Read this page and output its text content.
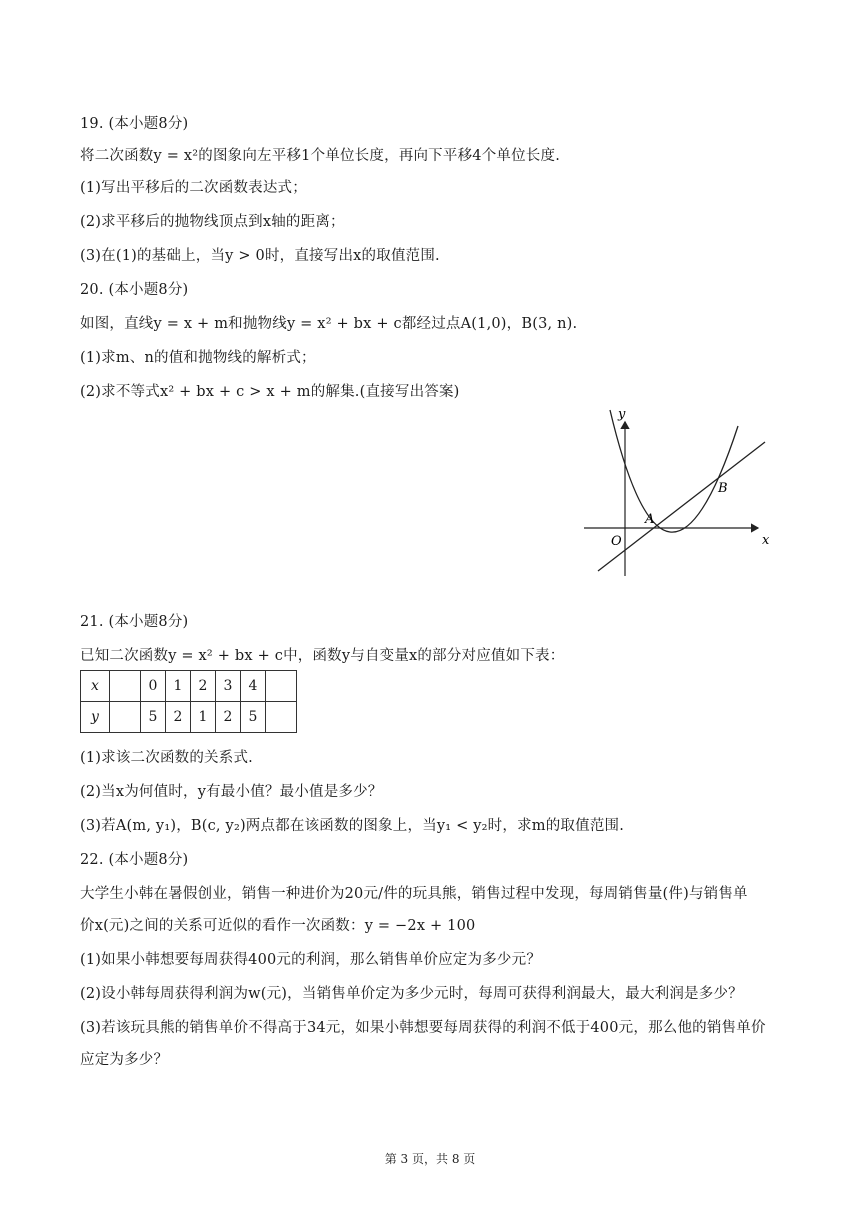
19. (本小题8分)
将二次函数y = x²的图象向左平移1个单位长度，再向下平移4个单位长度.
(1)写出平移后的二次函数表达式；
(2)求平移后的抛物线顶点到x轴的距离；
(3)在(1)的基础上，当y > 0时，直接写出x的取值范围.
20. (本小题8分)
如图，直线y = x + m和抛物线y = x² + bx + c都经过点A(1,0)，B(3, n).
(1)求m、n的值和抛物线的解析式；
(2)求不等式x² + bx + c > x + m的解集.(直接写出答案)
y
x
O
A
B
21. (本小题8分)
已知二次函数y = x² + bx + c中，函数y与自变量x的部分对应值如下表：
x		0	1	2	3	4	
y		5	2	1	2	5	
(1)求该二次函数的关系式.
(2)当x为何值时，y有最小值？最小值是多少？
(3)若A(m, y₁)，B(c, y₂)两点都在该函数的图象上，当y₁ < y₂时，求m的取值范围.
22. (本小题8分)
大学生小韩在暑假创业，销售一种进价为20元/件的玩具熊，销售过程中发现，每周销售量(件)与销售单
价x(元)之间的关系可近似的看作一次函数：y = −2x + 100
(1)如果小韩想要每周获得400元的利润，那么销售单价应定为多少元？
(2)设小韩每周获得利润为w(元)，当销售单价定为多少元时，每周可获得利润最大，最大利润是多少？
(3)若该玩具熊的销售单价不得高于34元，如果小韩想要每周获得的利润不低于400元，那么他的销售单价
应定为多少？
第 3 页，共 8 页
